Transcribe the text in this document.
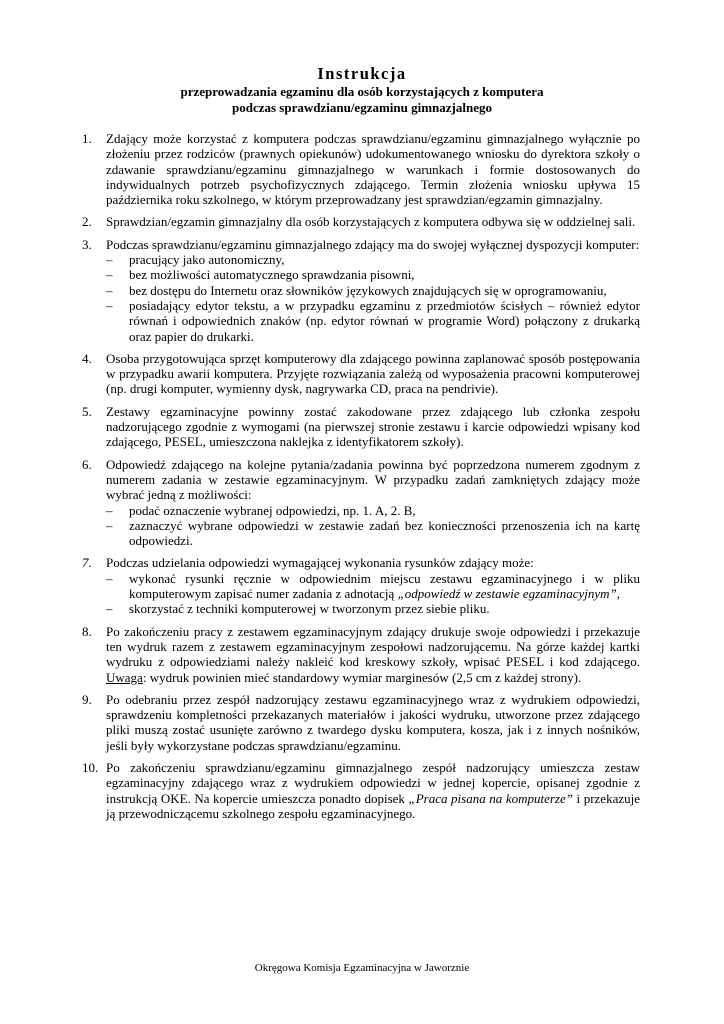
Instrukcja
przeprowadzania egzaminu dla osób korzystających z komputera
podczas sprawdzianu/egzaminu gimnazjalnego
1.	Zdający może korzystać z komputera podczas sprawdzianu/egzaminu gimnazjalnego wyłącznie po złożeniu przez rodziców (prawnych opiekunów) udokumentowanego wniosku do dyrektora szkoły o zdawanie sprawdzianu/egzaminu gimnazjalnego w warunkach i formie dostosowanych do indywidualnych potrzeb psychofizycznych zdającego. Termin złożenia wniosku upływa 15 października roku szkolnego, w którym przeprowadzany jest sprawdzian/egzamin gimnazjalny.
2.	Sprawdzian/egzamin gimnazjalny dla osób korzystających z komputera odbywa się w oddzielnej sali.
3.	Podczas sprawdzianu/egzaminu gimnazjalnego zdający ma do swojej wyłącznej dyspozycji komputer:
–	pracujący jako autonomiczny,
–	bez możliwości automatycznego sprawdzania pisowni,
–	bez dostępu do Internetu oraz słowników językowych znajdujących się w oprogramowaniu,
–	posiadający edytor tekstu, a w przypadku egzaminu z przedmiotów ścisłych – również edytor równań i odpowiednich znaków (np. edytor równań w programie Word) połączony z drukarką oraz papier do drukarki.
4.	Osoba przygotowująca sprzęt komputerowy dla zdającego powinna zaplanować sposób postępowania w przypadku awarii komputera. Przyjęte rozwiązania zależą od wyposażenia pracowni komputerowej (np. drugi komputer, wymienny dysk, nagrywarka CD, praca na pendrivie).
5.	Zestawy egzaminacyjne powinny zostać zakodowane przez zdającego lub członka zespołu nadzorującego zgodnie z wymogami (na pierwszej stronie zestawu i karcie odpowiedzi wpisany kod zdającego, PESEL, umieszczona naklejka z identyfikatorem szkoły).
6.	Odpowiedź zdającego na kolejne pytania/zadania powinna być poprzedzona numerem zgodnym z numerem zadania w zestawie egzaminacyjnym. W przypadku zadań zamkniętych zdający może wybrać jedną z możliwości:
–	podać oznaczenie wybranej odpowiedzi, np. 1. A, 2. B,
–	zaznaczyć wybrane odpowiedzi w zestawie zadań bez konieczności przenoszenia ich na kartę odpowiedzi.
7.	Podczas udzielania odpowiedzi wymagającej wykonania rysunków zdający może:
–	wykonać rysunki ręcznie w odpowiednim miejscu zestawu egzaminacyjnego i w pliku komputerowym zapisać numer zadania z adnotacją „odpowiedź w zestawie egzaminacyjnym”,
–	skorzystać z techniki komputerowej w tworzonym przez siebie pliku.
8.	Po zakończeniu pracy z zestawem egzaminacyjnym zdający drukuje swoje odpowiedzi i przekazuje ten wydruk razem z zestawem egzaminacyjnym zespołowi nadzorującemu. Na górze każdej kartki wydruku z odpowiedziami należy nakleić kod kreskowy szkoły, wpisać PESEL i kod zdającego. Uwaga: wydruk powinien mieć standardowy wymiar marginesów (2,5 cm z każdej strony).
9.	Po odebraniu przez zespół nadzorujący zestawu egzaminacyjnego wraz z wydrukiem odpowiedzi, sprawdzeniu kompletności przekazanych materiałów i jakości wydruku, utworzone przez zdającego pliki muszą zostać usunięte zarówno z twardego dysku komputera, kosza, jak i z innych nośników, jeśli były wykorzystane podczas sprawdzianu/egzaminu.
10. Po zakończeniu sprawdzianu/egzaminu gimnazjalnego zespół nadzorujący umieszcza zestaw egzaminacyjny zdającego wraz z wydrukiem odpowiedzi w jednej kopercie, opisanej zgodnie z instrukcją OKE. Na kopercie umieszcza ponadto dopisek „Praca pisana na komputerze” i przekazuje ją przewodniczącemu szkolnego zespołu egzaminacyjnego.
Okręgowa Komisja Egzaminacyjna w Jaworznie
